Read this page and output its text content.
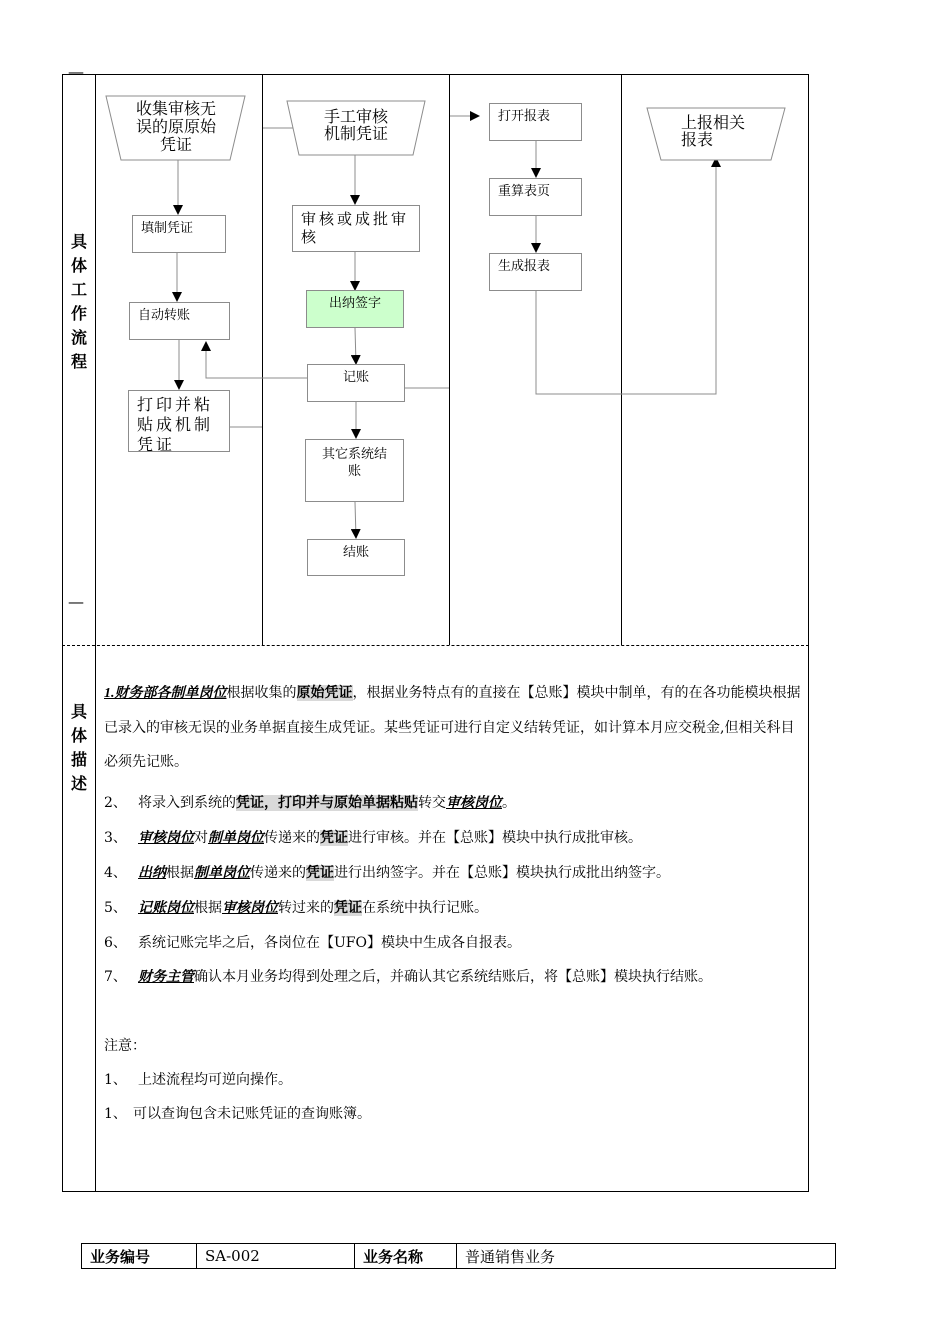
—
具体工作流程
—
具体描述
收集审核无误的原原始凭证
填制凭证
自动转账
打印并粘贴成机制凭证
手工审核机制凭证
审核或成批审核
出纳签字
记账
其它系统结账
结账
打开报表
重算表页
生成报表
上报相关报表

1.财务部各制单岗位根据收集的原始凭证，根据业务特点有的直接在【总账】模块中制单，有的在各功能模块根据已录入的审核无误的业务单据直接生成凭证。某些凭证可进行自定义结转凭证，如计算本月应交税金,但相关科目必须先记账。

2、 将录入到系统的凭证，打印并与原始单据粘贴转交审核岗位。

3、 审核岗位对制单岗位传递来的凭证进行审核。并在【总账】模块中执行成批审核。

4、 出纳根据制单岗位传递来的凭证进行出纳签字。并在【总账】模块执行成批出纳签字。

5、 记账岗位根据审核岗位转过来的凭证在系统中执行记账。

6、 系统记账完毕之后，各岗位在【UFO】模块中生成各自报表。

7、 财务主管确认本月业务均得到处理之后，并确认其它系统结账后，将【总账】模块执行结账。

注意：

1、 上述流程均可逆向操作。

1、 可以查询包含未记账凭证的查询账簿。

业务编号	SA-002	业务名称	普通销售业务
